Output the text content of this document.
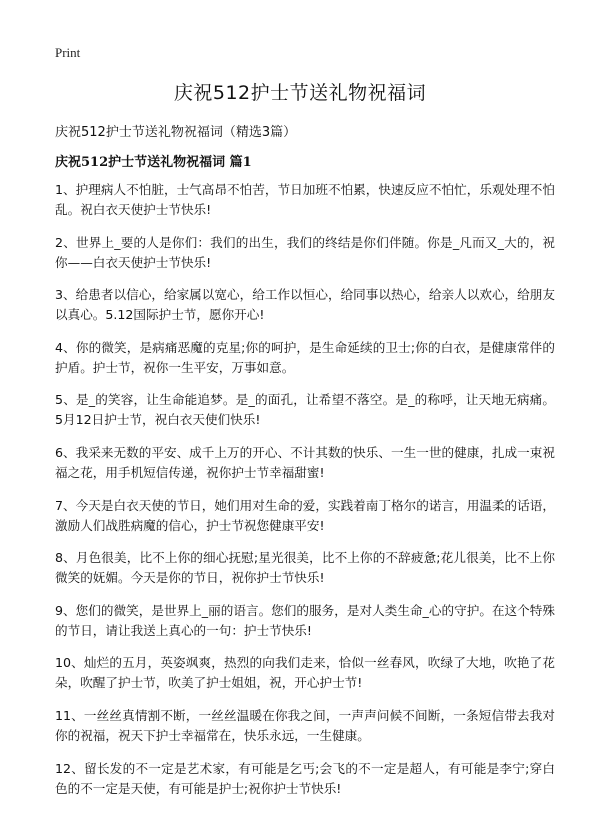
Print
庆祝512护士节送礼物祝福词

庆祝512护士节送礼物祝福词（精选3篇）

庆祝512护士节送礼物祝福词 篇1
1、护理病人不怕脏，士气高昂不怕苦，节日加班不怕累，快速反应不怕忙，乐观处理不怕乱。祝白衣天使护士节快乐!
2、世界上_要的人是你们：我们的出生，我们的终结是你们伴随。你是_凡而又_大的，祝你——白衣天使护士节快乐!
3、给患者以信心，给家属以宽心，给工作以恒心，给同事以热心，给亲人以欢心，给朋友以真心。5.12国际护士节，愿你开心!
4、你的微笑，是病痛恶魔的克星;你的呵护，是生命延续的卫士;你的白衣，是健康常伴的护盾。护士节，祝你一生平安，万事如意。
5、是_的笑容，让生命能追梦。是_的面孔，让希望不落空。是_的称呼，让天地无病痛。5月12日护士节，祝白衣天使们快乐!
6、我采来无数的平安、成千上万的开心、不计其数的快乐、一生一世的健康，扎成一束祝福之花，用手机短信传递，祝你护士节幸福甜蜜!
7、今天是白衣天使的节日，她们用对生命的爱，实践着南丁格尔的诺言，用温柔的话语，激励人们战胜病魔的信心，护士节祝您健康平安!
8、月色很美，比不上你的细心抚慰;星光很美，比不上你的不辞疲惫;花儿很美，比不上你微笑的妩媚。今天是你的节日，祝你护士节快乐!
9、您们的微笑，是世界上_丽的语言。您们的服务，是对人类生命_心的守护。在这个特殊的节日，请让我送上真心的一句：护士节快乐!
10、灿烂的五月，英姿飒爽，热烈的向我们走来，恰似一丝春风，吹绿了大地，吹艳了花朵，吹醒了护士节，吹美了护士姐姐，祝，开心护士节!
11、一丝丝真情割不断，一丝丝温暖在你我之间，一声声问候不间断，一条短信带去我对你的祝福，祝天下护士幸福常在，快乐永远，一生健康。
12、留长发的不一定是艺术家，有可能是乞丐;会飞的不一定是超人，有可能是李宁;穿白色的不一定是天使，有可能是护士;祝你护士节快乐!
